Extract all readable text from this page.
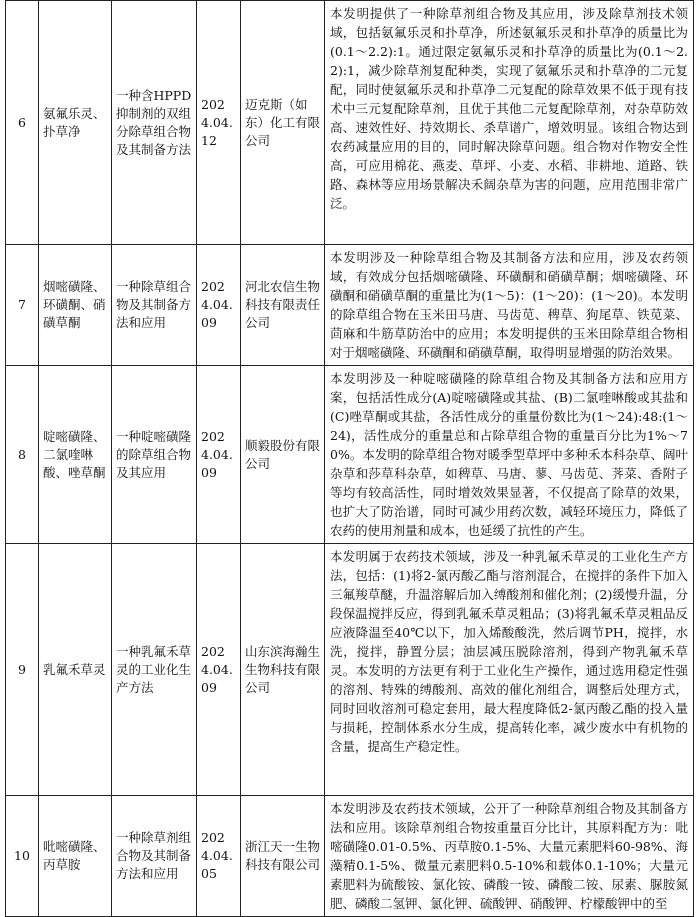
6	氨氟乐灵、扑草净	一种含HPPD抑制剂的双组分除草组合物及其制备方法	2024.04.12	迈克斯（如东）化工有限公司	本发明提供了一种除草剂组合物及其应用，涉及除草剂技术领域，包括氨氟乐灵和扑草净，所述氨氟乐灵和扑草净的质量比为(0.1～2.2):1。通过限定氨氟乐灵和扑草净的质量比为(0.1～2.2):1，减少除草剂复配种类，实现了氨氟乐灵和扑草净的二元复配，同时使氨氟乐灵和扑草净二元复配的除草效果不低于现有技术中三元复配除草剂，且优于其他二元复配除草剂，对杂草防效高、速效性好、持效期长、杀草谱广，增效明显。该组合物达到农药减量应用的目的，同时解决除草问题。组合物对作物安全性高，可应用棉花、燕麦、草坪、小麦、水稻、非耕地、道路、铁路、森林等应用场景解决禾阔杂草为害的问题，应用范围非常广泛。
7	烟嘧磺隆、环磺酮、硝磺草酮	一种除草组合物及其制备方法和应用	2024.04.09	河北农信生物科技有限责任公司	本发明涉及一种除草组合物及其制备方法和应用，涉及农药领域，有效成分包括烟嘧磺隆、环磺酮和硝磺草酮；烟嘧磺隆、环磺酮和硝磺草酮的重量比为(1～5)：(1～20)：(1～20)。本发明的除草组合物在玉米田马唐、马齿苋、稗草、狗尾草、铁苋菜、茴麻和牛筋草防治中的应用；本发明提供的玉米田除草组合物相对于烟嘧磺隆、环磺酮和硝磺草酮，取得明显增强的防治效果。
8	啶嘧磺隆、二氯喹啉酸、唑草酮	一种啶嘧磺隆的除草组合物及其应用	2024.04.09	顺毅股份有限公司	本发明涉及一种啶嘧磺隆的除草组合物及其制备方法和应用方案，包括活性成分(A)啶嘧磺隆或其盐、(B)二氯喹啉酸或其盐和(C)唑草酮或其盐，各活性成分的重量份数比为(1～24):48:(1～24)，活性成分的重量总和占除草组合物的重量百分比为1%～70%。本发明的除草组合物对暖季型草坪中多种禾本科杂草、阔叶杂草和莎草科杂草，如稗草、马唐、蓼、马齿苋、荠菜、香附子等均有较高活性，同时增效效果显著，不仅提高了除草的效果，也扩大了防治谱，同时可减少用药次数，减轻环境压力，降低了农药的使用剂量和成本，也延缓了抗性的产生。
9	乳氟禾草灵	一种乳氟禾草灵的工业化生产方法	2024.04.09	山东滨海瀚生生物科技有限公司	本发明属于农药技术领域，涉及一种乳氟禾草灵的工业化生产方法，包括：(1)将2-氯丙酸乙酯与溶剂混合，在搅拌的条件下加入三氟羧草醚，升温溶解后加入缚酸剂和催化剂；(2)缓慢升温，分段保温搅拌反应，得到乳氟禾草灵粗品；(3)将乳氟禾草灵粗品反应液降温至40℃以下，加入烯酸酸洗，然后调节PH，搅拌，水洗，搅拌，静置分层；油层减压脱除溶剂，得到产物乳氟禾草灵。本发明的方法更有利于工业化生产操作，通过选用稳定性强的溶剂、特殊的缚酸剂、高效的催化剂组合，调整后处理方式，同时回收溶剂可稳定套用，最大程度降低2-氯丙酸乙酯的投入量与损耗，控制体系水分生成，提高转化率，减少废水中有机物的含量，提高生产稳定性。
10	吡嘧磺隆、丙草胺	一种除草剂组合物及其制备方法和应用	2024.04.05	浙江天一生物科技有限公司	本发明涉及农药技术领域，公开了一种除草剂组合物及其制备方法和应用。该除草剂组合物按重量百分比计，其原料配方为：吡嘧磺隆0.01-0.5%、丙草胺0.1-5%、大量元素肥料60-98%、海藻精0.1-5%、微量元素肥料0.5-10%和载体0.1-10%；大量元素肥料为硫酸铵、氯化铵、磷酸一铵、磷酸二铵、尿素、脲胺氮肥、磷酸二氢钾、氯化钾、硫酸钾、硝酸钾、柠檬酸钾中的至
